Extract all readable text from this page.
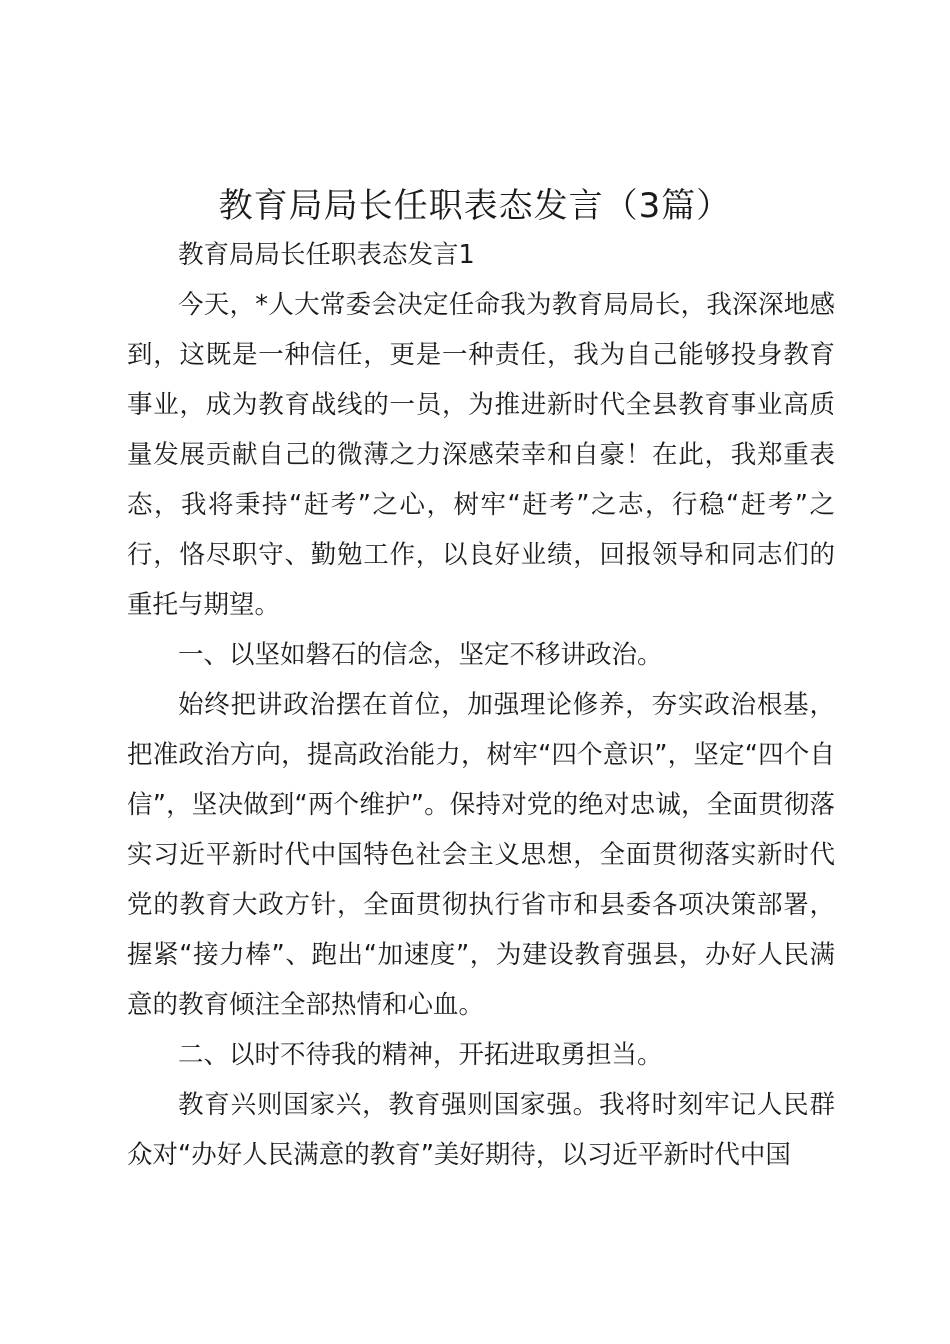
教育局局长任职表态发言（3篇）

教育局局长任职表态发言1

今天，*人大常委会决定任命我为教育局局长，我深深地感到，这既是一种信任，更是一种责任，我为自己能够投身教育事业，成为教育战线的一员，为推进新时代全县教育事业高质量发展贡献自己的微薄之力深感荣幸和自豪！在此，我郑重表态，我将秉持“赶考”之心，树牢“赶考”之志，行稳“赶考”之行，恪尽职守、勤勉工作，以良好业绩，回报领导和同志们的重托与期望。

一、以坚如磐石的信念，坚定不移讲政治。

始终把讲政治摆在首位，加强理论修养，夯实政治根基，把准政治方向，提高政治能力，树牢“四个意识”，坚定“四个自信”，坚决做到“两个维护”。保持对党的绝对忠诚，全面贯彻落实习近平新时代中国特色社会主义思想，全面贯彻落实新时代党的教育大政方针，全面贯彻执行省市和县委各项决策部署，握紧“接力棒”、跑出“加速度”，为建设教育强县，办好人民满意的教育倾注全部热情和心血。

二、以时不待我的精神，开拓进取勇担当。

教育兴则国家兴，教育强则国家强。我将时刻牢记人民群众对“办好人民满意的教育”美好期待，以习近平新时代中国
